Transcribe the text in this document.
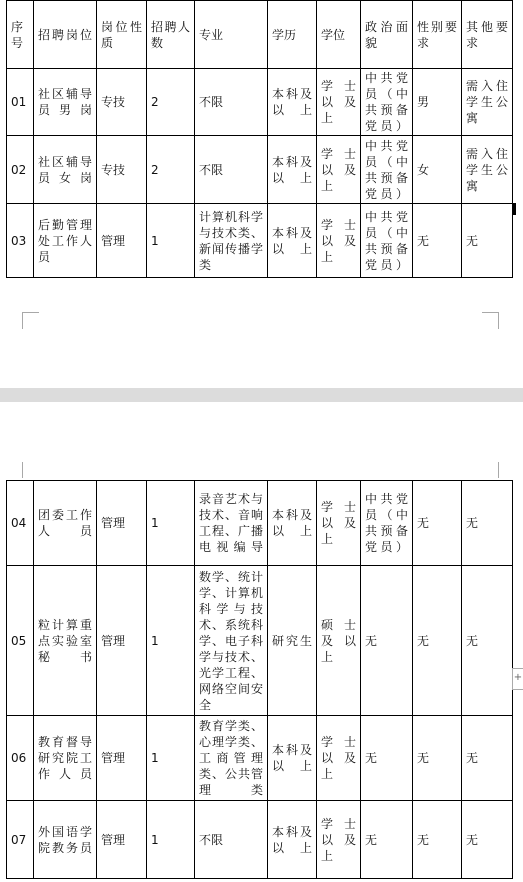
序号	招聘岗位	岗位性质	招聘人数	专业	学历	学位	政治面貌	性别要求	其他要求
01	社区辅导员男岗	专技	2	不限	本科及以上	学士以及上	中共党员（中共预备党员）	男	需入住学生公寓
02	社区辅导员女岗	专技	2	不限	本科及以上	学士以及上	中共党员（中共预备党员）	女	需入住学生公寓
03	后勤管理处工作人员	管理	1	计算机科学与技术类、新闻传播学类	本科及以上	学士以及上	中共党员（中共预备党员）	无	无
04	团委工作人员	管理	1	录音艺术与技术、音响工程、广播电视编导	本科及以上	学士以及上	中共党员（中共预备党员）	无	无
05	粒计算重点实验室秘书	管理	1	数学、统计学、计算机科学与技术、系统科学、电子科学与技术、光学工程、网络空间安全	研究生	硕士及以上	无	无	无
06	教育督导研究院工作人员	管理	1	教育学类、心理学类、工商管理类、公共管理类	本科及以上	学士以及上	无	无	无
07	外国语学院教务员	管理	1	不限	本科及以上	学士以及上	无	无	无
+
